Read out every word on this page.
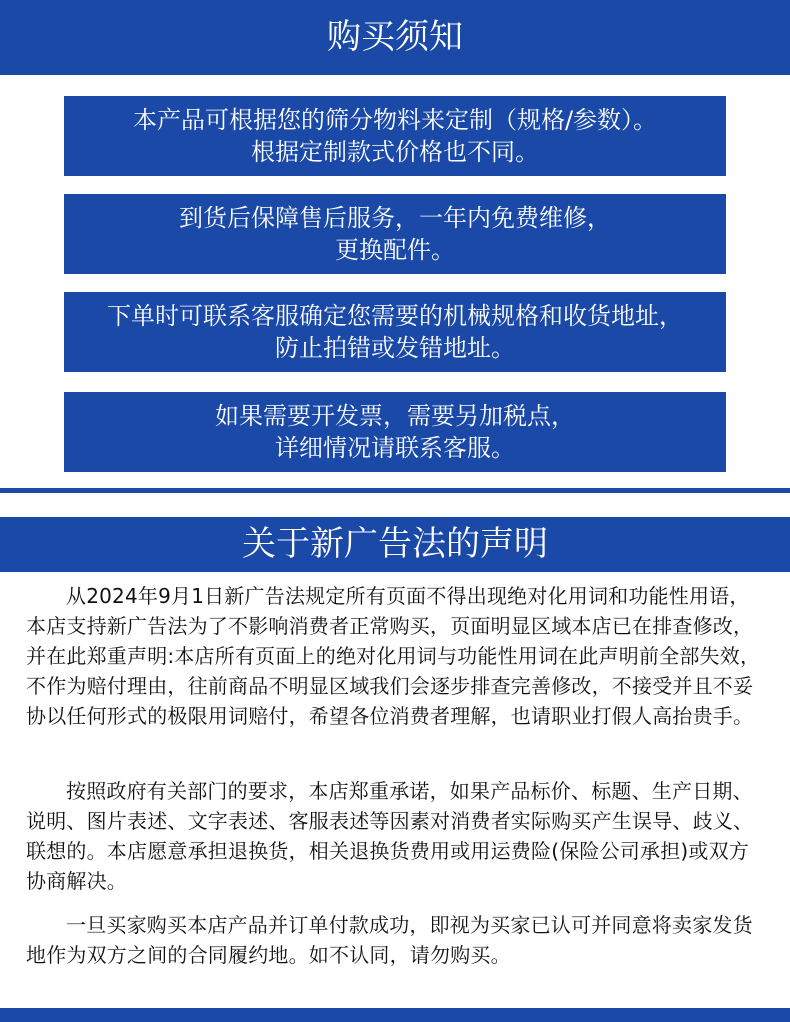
购买须知
本产品可根据您的筛分物料来定制（规格/参数）。
根据定制款式价格也不同。
到货后保障售后服务，一年内免费维修，
更换配件。
下单时可联系客服确定您需要的机械规格和收货地址，
防止拍错或发错地址。
如果需要开发票，需要另加税点，
详细情况请联系客服。
关于新广告法的声明

从2024年9月1日新广告法规定所有页面不得出现绝对化用词和功能性用语，本店支持新广告法为了不影响消费者正常购买，页面明显区域本店已在排查修改，并在此郑重声明:本店所有页面上的绝对化用词与功能性用词在此声明前全部失效，不作为赔付理由，往前商品不明显区域我们会逐步排查完善修改，不接受并且不妥协以任何形式的极限用词赔付，希望各位消费者理解，也请职业打假人高抬贵手。

按照政府有关部门的要求，本店郑重承诺，如果产品标价、标题、生产日期、说明、图片表述、文字表述、客服表述等因素对消费者实际购买产生误导、歧义、联想的。本店愿意承担退换货，相关退换货费用或用运费险(保险公司承担)或双方协商解决。

一旦买家购买本店产品并订单付款成功，即视为买家已认可并同意将卖家发货地作为双方之间的合同履约地。如不认同，请勿购买。
